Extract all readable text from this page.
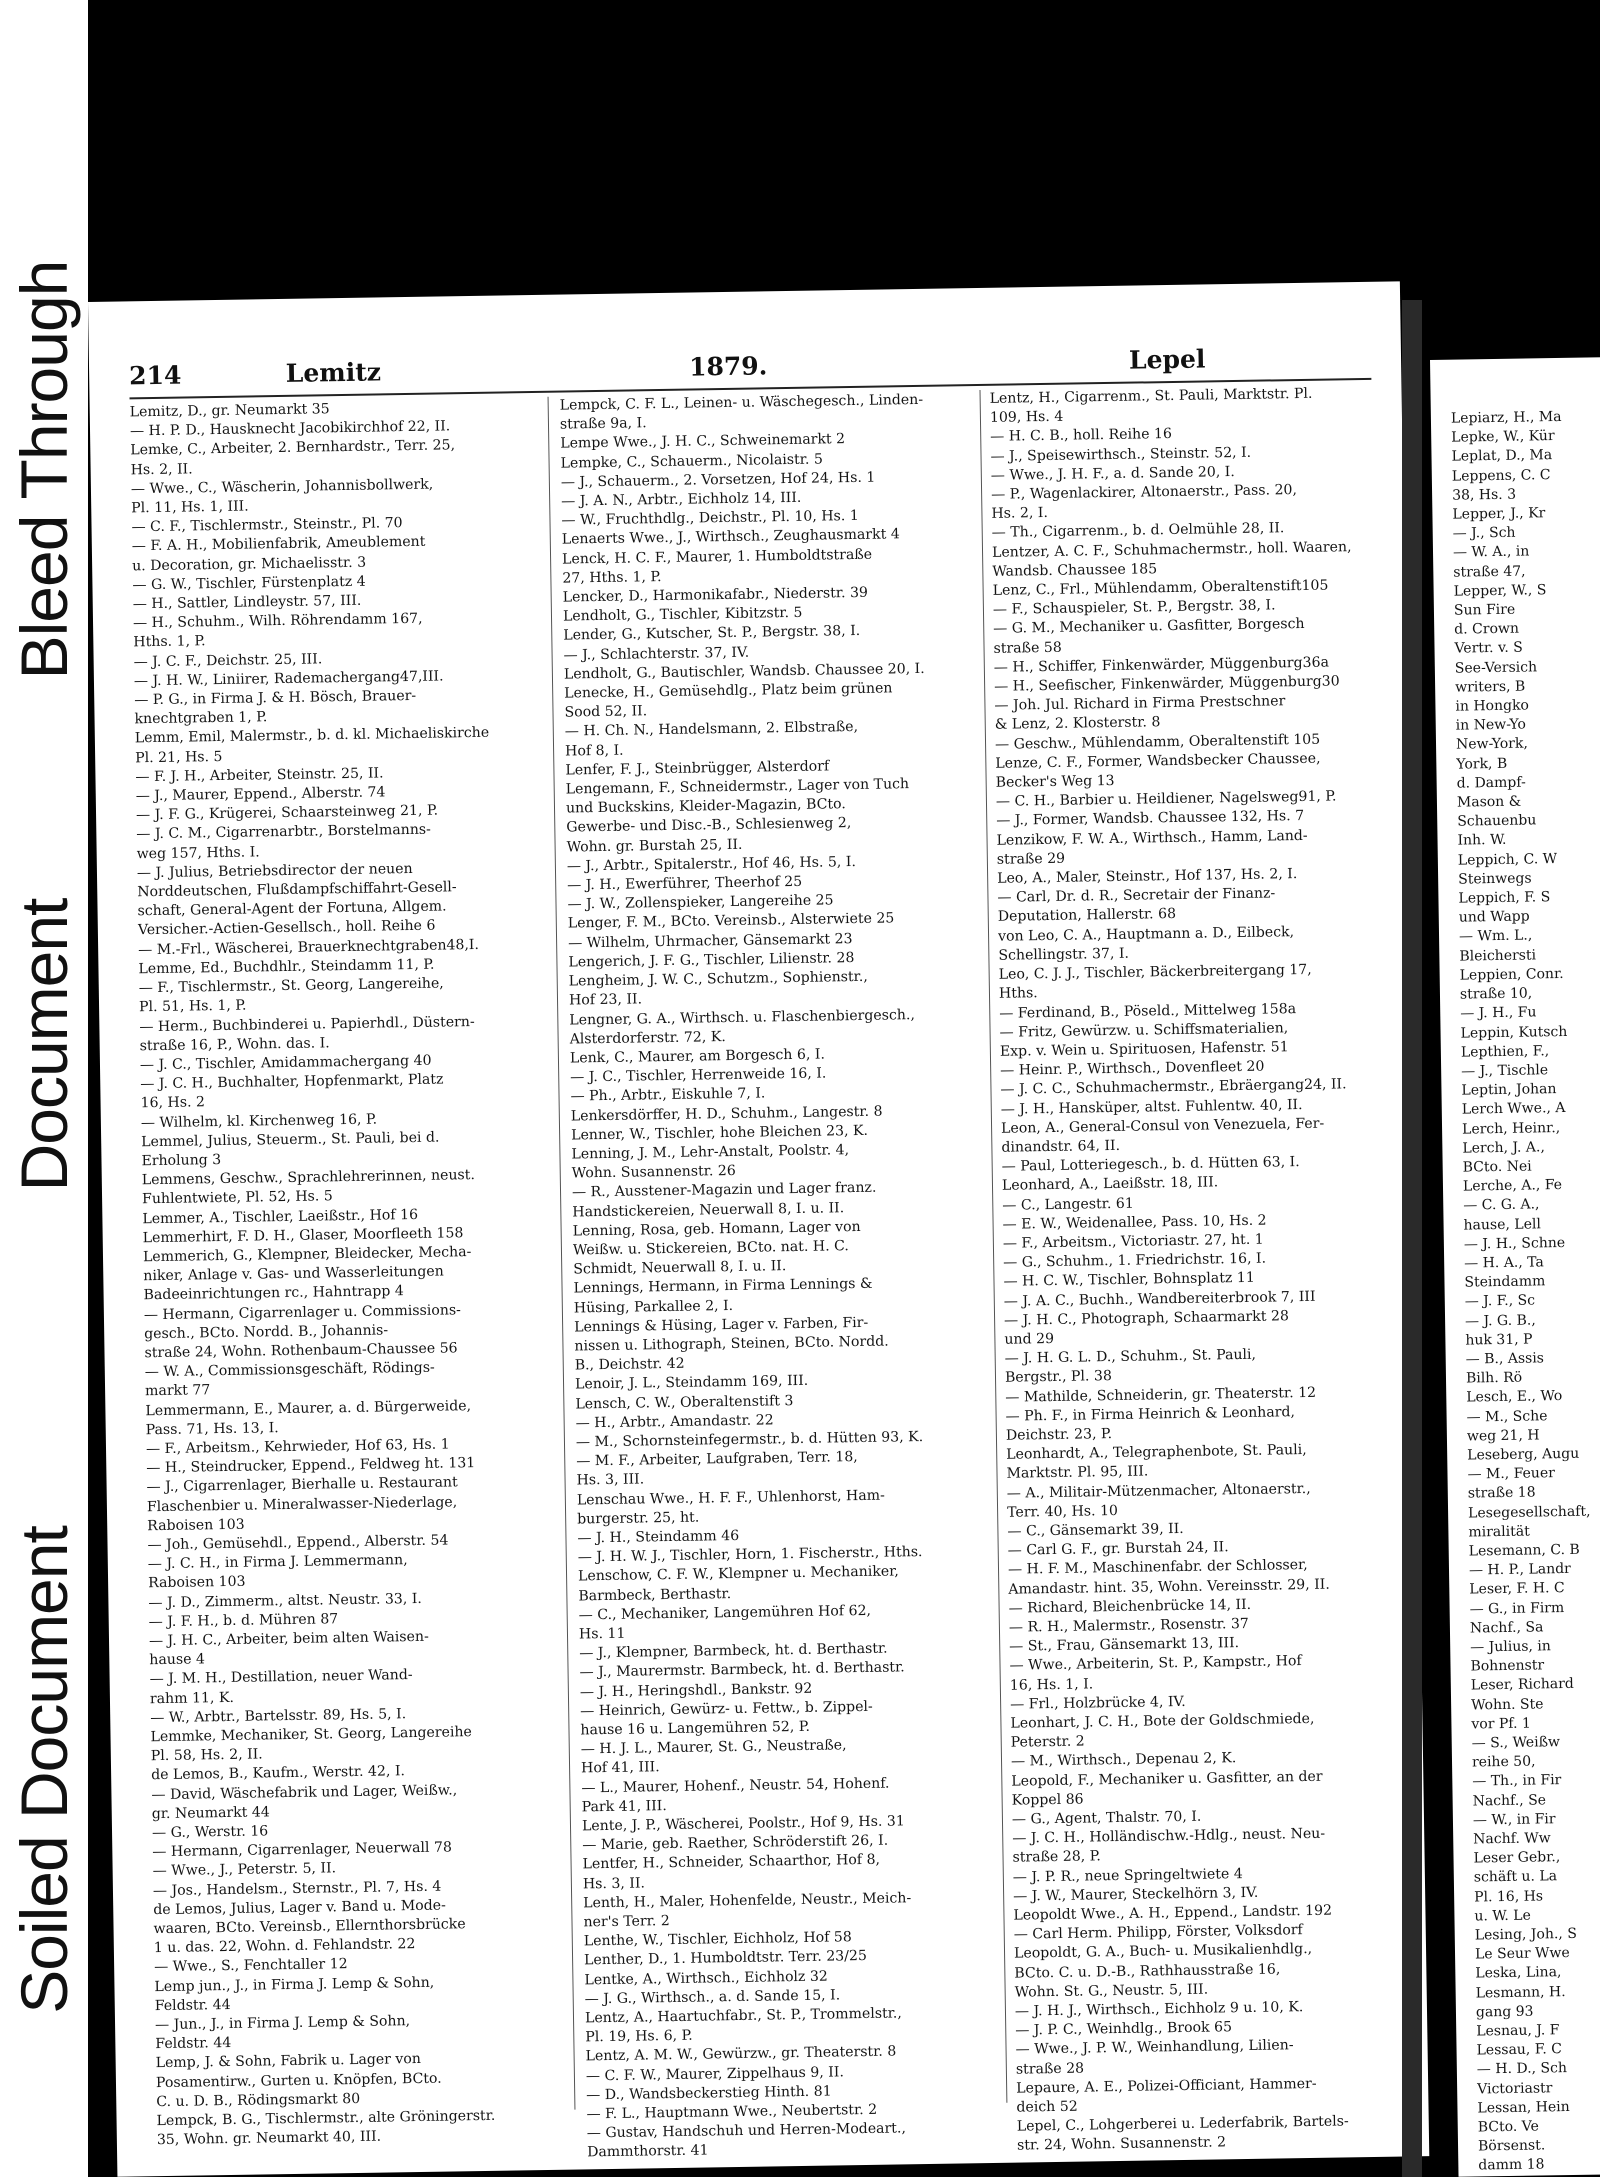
Soiled Document
Document
Bleed Through 214	Lemitz	1879.	Lepel
Lemitz, D., gr. Neumarkt 35
— H. P. D., Hausknecht Jacobikirchhof 22, II.
Lemke, C., Arbeiter, 2. Bernhardstr., Terr. 25,
Hs. 2, II.
— Wwe., C., Wäscherin, Johannisbollwerk,
Pl. 11, Hs. 1, III.
— C. F., Tischlermstr., Steinstr., Pl. 70
— F. A. H., Mobilienfabrik, Ameublement
u. Decoration, gr. Michaelisstr. 3
— G. W., Tischler, Fürstenplatz 4
— H., Sattler, Lindleystr. 57, III.
— H., Schuhm., Wilh. Röhrendamm 167,
Hths. 1, P.
— J. C. F., Deichstr. 25, III.
— J. H. W., Liniirer, Rademachergang47,III.
— P. G., in Firma J. & H. Bösch, Brauer-
knechtgraben 1, P.
Lemm, Emil, Malermstr., b. d. kl. Michaeliskirche
Pl. 21, Hs. 5
— F. J. H., Arbeiter, Steinstr. 25, II.
— J., Maurer, Eppend., Alberstr. 74
— J. F. G., Krügerei, Schaarsteinweg 21, P.
— J. C. M., Cigarrenarbtr., Borstelmanns-
weg 157, Hths. I.
— J. Julius, Betriebsdirector der neuen
Norddeutschen, Flußdampfschiffahrt-Gesell-
schaft, General-Agent der Fortuna, Allgem.
Versicher.-Actien-Gesellsch., holl. Reihe 6
— M.-Frl., Wäscherei, Brauerknechtgraben48,I.
Lemme, Ed., Buchdhlr., Steindamm 11, P.
— F., Tischlermstr., St. Georg, Langereihe,
Pl. 51, Hs. 1, P.
— Herm., Buchbinderei u. Papierhdl., Düstern-
straße 16, P., Wohn. das. I.
— J. C., Tischler, Amidammachergang 40
— J. C. H., Buchhalter, Hopfenmarkt, Platz
16, Hs. 2
— Wilhelm, kl. Kirchenweg 16, P.
Lemmel, Julius, Steuerm., St. Pauli, bei d.
Erholung 3
Lemmens, Geschw., Sprachlehrerinnen, neust.
Fuhlentwiete, Pl. 52, Hs. 5
Lemmer, A., Tischler, Laeißstr., Hof 16
Lemmerhirt, F. D. H., Glaser, Moorfleeth 158
Lemmerich, G., Klempner, Bleidecker, Mecha-
niker, Anlage v. Gas- und Wasserleitungen
Badeeinrichtungen rc., Hahntrapp 4
— Hermann, Cigarrenlager u. Commissions-
gesch., BCto. Nordd. B., Johannis-
straße 24, Wohn. Rothenbaum-Chaussee 56
— W. A., Commissionsgeschäft, Rödings-
markt 77
Lemmermann, E., Maurer, a. d. Bürgerweide,
Pass. 71, Hs. 13, I.
— F., Arbeitsm., Kehrwieder, Hof 63, Hs. 1
— H., Steindrucker, Eppend., Feldweg ht. 131
— J., Cigarrenlager, Bierhalle u. Restaurant
Flaschenbier u. Mineralwasser-Niederlage,
Raboisen 103
— Joh., Gemüsehdl., Eppend., Alberstr. 54
— J. C. H., in Firma J. Lemmermann,
Raboisen 103
— J. D., Zimmerm., altst. Neustr. 33, I.
— J. F. H., b. d. Mühren 87
— J. H. C., Arbeiter, beim alten Waisen-
hause 4
— J. M. H., Destillation, neuer Wand-
rahm 11, K.
— W., Arbtr., Bartelsstr. 89, Hs. 5, I.
Lemmke, Mechaniker, St. Georg, Langereihe
Pl. 58, Hs. 2, II.
de Lemos, B., Kaufm., Werstr. 42, I.
— David, Wäschefabrik und Lager, Weißw.,
gr. Neumarkt 44
— G., Werstr. 16
— Hermann, Cigarrenlager, Neuerwall 78
— Wwe., J., Peterstr. 5, II.
— Jos., Handelsm., Sternstr., Pl. 7, Hs. 4
de Lemos, Julius, Lager v. Band u. Mode-
waaren, BCto. Vereinsb., Ellernthorsbrücke
1 u. das. 22, Wohn. d. Fehlandstr. 22
— Wwe., S., Fenchtaller 12
Lemp jun., J., in Firma J. Lemp & Sohn,
Feldstr. 44
— Jun., J., in Firma J. Lemp & Sohn,
Feldstr. 44
Lemp, J. & Sohn, Fabrik u. Lager von
Posamentirw., Gurten u. Knöpfen, BCto.
C. u. D. B., Rödingsmarkt 80
Lempck, B. G., Tischlermstr., alte Gröningerstr.
35, Wohn. gr. Neumarkt 40, III.
Lempck, C. F. L., Leinen- u. Wäschegesch., Linden-
straße 9a, I.
Lempe Wwe., J. H. C., Schweinemarkt 2
Lempke, C., Schauerm., Nicolaistr. 5
— J., Schauerm., 2. Vorsetzen, Hof 24, Hs. 1
— J. A. N., Arbtr., Eichholz 14, III.
— W., Fruchthdlg., Deichstr., Pl. 10, Hs. 1
Lenaerts Wwe., J., Wirthsch., Zeughausmarkt 4
Lenck, H. C. F., Maurer, 1. Humboldtstraße
27, Hths. 1, P.
Lencker, D., Harmonikafabr., Niederstr. 39
Lendholt, G., Tischler, Kibitzstr. 5
Lender, G., Kutscher, St. P., Bergstr. 38, I.
— J., Schlachterstr. 37, IV.
Lendholt, G., Bautischler, Wandsb. Chaussee 20, I.
Lenecke, H., Gemüsehdlg., Platz beim grünen
Sood 52, II.
— H. Ch. N., Handelsmann, 2. Elbstraße,
Hof 8, I.
Lenfer, F. J., Steinbrügger, Alsterdorf
Lengemann, F., Schneidermstr., Lager von Tuch
und Buckskins, Kleider-Magazin, BCto.
Gewerbe- und Disc.-B., Schlesienweg 2,
Wohn. gr. Burstah 25, II.
— J., Arbtr., Spitalerstr., Hof 46, Hs. 5, I.
— J. H., Ewerführer, Theerhof 25
— J. W., Zollenspieker, Langereihe 25
Lenger, F. M., BCto. Vereinsb., Alsterwiete 25
— Wilhelm, Uhrmacher, Gänsemarkt 23
Lengerich, J. F. G., Tischler, Lilienstr. 28
Lengheim, J. W. C., Schutzm., Sophienstr.,
Hof 23, II.
Lengner, G. A., Wirthsch. u. Flaschenbiergesch.,
Alsterdorferstr. 72, K.
Lenk, C., Maurer, am Borgesch 6, I.
— J. C., Tischler, Herrenweide 16, I.
— Ph., Arbtr., Eiskuhle 7, I.
Lenkersdörffer, H. D., Schuhm., Langestr. 8
Lenner, W., Tischler, hohe Bleichen 23, K.
Lenning, J. M., Lehr-Anstalt, Poolstr. 4,
Wohn. Susannenstr. 26
— R., Ausstener-Magazin und Lager franz.
Handstickereien, Neuerwall 8, I. u. II.
Lenning, Rosa, geb. Homann, Lager von
Weißw. u. Stickereien, BCto. nat. H. C.
Schmidt, Neuerwall 8, I. u. II.
Lennings, Hermann, in Firma Lennings &
Hüsing, Parkallee 2, I.
Lennings & Hüsing, Lager v. Farben, Fir-
nissen u. Lithograph, Steinen, BCto. Nordd.
B., Deichstr. 42
Lenoir, J. L., Steindamm 169, III.
Lensch, C. W., Oberaltenstift 3
— H., Arbtr., Amandastr. 22
— M., Schornsteinfegermstr., b. d. Hütten 93, K.
— M. F., Arbeiter, Laufgraben, Terr. 18,
Hs. 3, III.
Lenschau Wwe., H. F. F., Uhlenhorst, Ham-
burgerstr. 25, ht.
— J. H., Steindamm 46
— J. H. W. J., Tischler, Horn, 1. Fischerstr., Hths.
Lenschow, C. F. W., Klempner u. Mechaniker,
Barmbeck, Berthastr.
— C., Mechaniker, Langemühren Hof 62,
Hs. 11
— J., Klempner, Barmbeck, ht. d. Berthastr.
— J., Maurermstr. Barmbeck, ht. d. Berthastr.
— J. H., Heringshdl., Bankstr. 92
— Heinrich, Gewürz- u. Fettw., b. Zippel-
hause 16 u. Langemühren 52, P.
— H. J. L., Maurer, St. G., Neustraße,
Hof 41, III.
— L., Maurer, Hohenf., Neustr. 54, Hohenf.
Park 41, III.
Lente, J. P., Wäscherei, Poolstr., Hof 9, Hs. 31
— Marie, geb. Raether, Schröderstift 26, I.
Lentfer, H., Schneider, Schaarthor, Hof 8,
Hs. 3, II.
Lenth, H., Maler, Hohenfelde, Neustr., Meich-
ner's Terr. 2
Lenthe, W., Tischler, Eichholz, Hof 58
Lenther, D., 1. Humboldtstr. Terr. 23/25
Lentke, A., Wirthsch., Eichholz 32
— J. G., Wirthsch., a. d. Sande 15, I.
Lentz, A., Haartuchfabr., St. P., Trommelstr.,
Pl. 19, Hs. 6, P.
Lentz, A. M. W., Gewürzw., gr. Theaterstr. 8
— C. F. W., Maurer, Zippelhaus 9, II.
— D., Wandsbeckerstieg Hinth. 81
— F. L., Hauptmann Wwe., Neubertstr. 2
— Gustav, Handschuh und Herren-Modeart.,
Dammthorstr. 41
Lentz, H., Cigarrenm., St. Pauli, Marktstr. Pl.
109, Hs. 4
— H. C. B., holl. Reihe 16
— J., Speisewirthsch., Steinstr. 52, I.
— Wwe., J. H. F., a. d. Sande 20, I.
— P., Wagenlackirer, Altonaerstr., Pass. 20,
Hs. 2, I.
— Th., Cigarrenm., b. d. Oelmühle 28, II.
Lentzer, A. C. F., Schuhmachermstr., holl. Waaren,
Wandsb. Chaussee 185
Lenz, C., Frl., Mühlendamm, Oberaltenstift105
— F., Schauspieler, St. P., Bergstr. 38, I.
— G. M., Mechaniker u. Gasfitter, Borgesch
straße 58
— H., Schiffer, Finkenwärder, Müggenburg36a
— H., Seefischer, Finkenwärder, Müggenburg30
— Joh. Jul. Richard in Firma Prestschner
& Lenz, 2. Klosterstr. 8
— Geschw., Mühlendamm, Oberaltenstift 105
Lenze, C. F., Former, Wandsbecker Chaussee,
Becker's Weg 13
— C. H., Barbier u. Heildiener, Nagelsweg91, P.
— J., Former, Wandsb. Chaussee 132, Hs. 7
Lenzikow, F. W. A., Wirthsch., Hamm, Land-
straße 29
Leo, A., Maler, Steinstr., Hof 137, Hs. 2, I.
— Carl, Dr. d. R., Secretair der Finanz-
Deputation, Hallerstr. 68
von Leo, C. A., Hauptmann a. D., Eilbeck,
Schellingstr. 37, I.
Leo, C. J. J., Tischler, Bäckerbreitergang 17,
Hths.
— Ferdinand, B., Pöseld., Mittelweg 158a
— Fritz, Gewürzw. u. Schiffsmaterialien,
Exp. v. Wein u. Spirituosen, Hafenstr. 51
— Heinr. P., Wirthsch., Dovenfleet 20
— J. C. C., Schuhmachermstr., Ebräergang24, II.
— J. H., Hansküper, altst. Fuhlentw. 40, II.
Leon, A., General-Consul von Venezuela, Fer-
dinandstr. 64, II.
— Paul, Lotteriegesch., b. d. Hütten 63, I.
Leonhard, A., Laeißstr. 18, III.
— C., Langestr. 61
— E. W., Weidenallee, Pass. 10, Hs. 2
— F., Arbeitsm., Victoriastr. 27, ht. 1
— G., Schuhm., 1. Friedrichstr. 16, I.
— H. C. W., Tischler, Bohnsplatz 11
— J. A. C., Buchh., Wandbereiterbrook 7, III
— J. H. C., Photograph, Schaarmarkt 28
und 29
— J. H. G. L. D., Schuhm., St. Pauli,
Bergstr., Pl. 38
— Mathilde, Schneiderin, gr. Theaterstr. 12
— Ph. F., in Firma Heinrich & Leonhard,
Deichstr. 23, P.
Leonhardt, A., Telegraphenbote, St. Pauli,
Marktstr. Pl. 95, III.
— A., Militair-Mützenmacher, Altonaerstr.,
Terr. 40, Hs. 10
— C., Gänsemarkt 39, II.
— Carl G. F., gr. Burstah 24, II.
— H. F. M., Maschinenfabr. der Schlosser,
Amandastr. hint. 35, Wohn. Vereinsstr. 29, II.
— Richard, Bleichenbrücke 14, II.
— R. H., Malermstr., Rosenstr. 37
— St., Frau, Gänsemarkt 13, III.
— Wwe., Arbeiterin, St. P., Kampstr., Hof
16, Hs. 1, I.
— Frl., Holzbrücke 4, IV.
Leonhart, J. C. H., Bote der Goldschmiede,
Peterstr. 2
— M., Wirthsch., Depenau 2, K.
Leopold, F., Mechaniker u. Gasfitter, an der
Koppel 86
— G., Agent, Thalstr. 70, I.
— J. C. H., Holländischw.-Hdlg., neust. Neu-
straße 28, P.
— J. P. R., neue Springeltwiete 4
— J. W., Maurer, Steckelhörn 3, IV.
Leopoldt Wwe., A. H., Eppend., Landstr. 192
— Carl Herm. Philipp, Förster, Volksdorf
Leopoldt, G. A., Buch- u. Musikalienhdlg.,
BCto. C. u. D.-B., Rathhausstraße 16,
Wohn. St. G., Neustr. 5, III.
— J. H. J., Wirthsch., Eichholz 9 u. 10, K.
— J. P. C., Weinhdlg., Brook 65
— Wwe., J. P. W., Weinhandlung, Lilien-
straße 28
Lepaure, A. E., Polizei-Officiant, Hammer-
deich 52
Lepel, C., Lohgerberei u. Lederfabrik, Bartels-
str. 24, Wohn. Susannenstr. 2
Lepiarz, H., Ma
Lepke, W., Kür
Leplat, D., Ma
Leppens, C. C
38, Hs. 3
Lepper, J., Kr
— J., Sch
— W. A., in
straße 47,
Lepper, W., S
Sun Fire
d. Crown
Vertr. v. S
See-Versich
writers, B
in Hongko
in New-Yo
New-York,
York, B
d. Dampf-
Mason &
Schauenbu
Inh. W.
Leppich, C. W
Steinwegs
Leppich, F. S
und Wapp
— Wm. L.,
Bleichersti
Leppien, Conr.
straße 10,
— J. H., Fu
Leppin, Kutsch
Lepthien, F.,
— J., Tischle
Leptin, Johan
Lerch Wwe., A
Lerch, Heinr.,
Lerch, J. A.,
BCto. Nei
Lerche, A., Fe
— C. G. A.,
hause, Lell
— J. H., Schne
— H. A., Ta
Steindamm
— J. F., Sc
— J. G. B.,
huk 31, P
— B., Assis
Bilh. Rö
Lesch, E., Wo
— M., Sche
weg 21, H
Leseberg, Augu
— M., Feuer
straße 18
Lesegesellschaft,
miralität
Lesemann, C. B
— H. P., Landr
Leser, F. H. C
— G., in Firm
Nachf., Sa
— Julius, in
Bohnenstr
Leser, Richard
Wohn. Ste
vor Pf. 1
— S., Weißw
reihe 50,
— Th., in Fir
Nachf., Se
— W., in Fir
Nachf. Ww
Leser Gebr.,
schäft u. La
Pl. 16, Hs
u. W. Le
Lesing, Joh., S
Le Seur Wwe
Leska, Lina,
Lesmann, H.
gang 93
Lesnau, J. F
Lessau, F. C
— H. D., Sch
Victoriastr
Lessan, Hein
BCto. Ve
Börsenst.
damm 18
